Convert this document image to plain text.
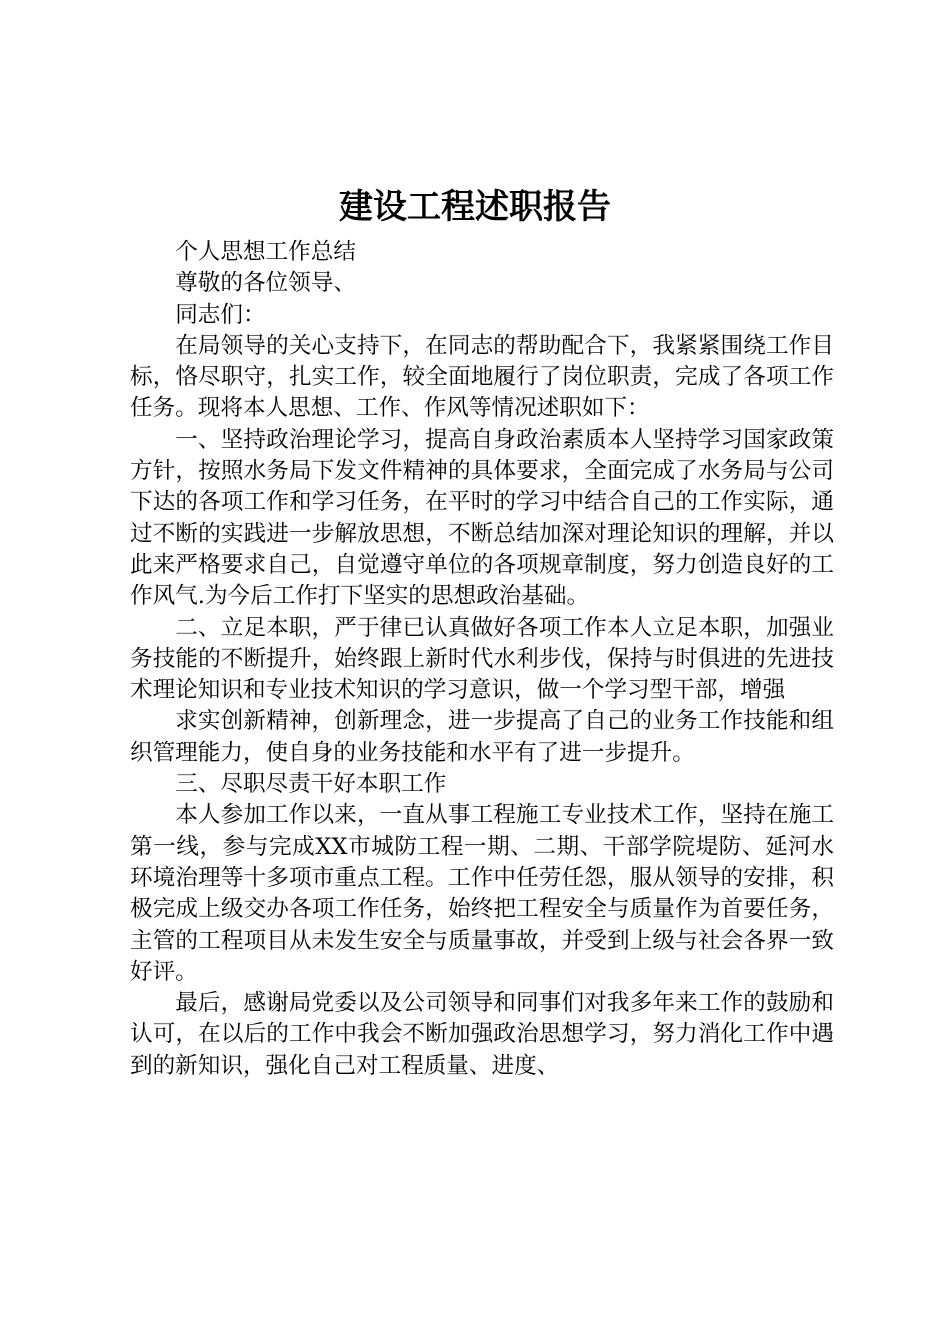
建设工程述职报告

个人思想工作总结

尊敬的各位领导、

同志们：

在局领导的关心支持下，在同志的帮助配合下，我紧紧围绕工作目标，恪尽职守，扎实工作，较全面地履行了岗位职责，完成了各项工作任务。现将本人思想、工作、作风等情况述职如下：

一、坚持政治理论学习，提高自身政治素质本人坚持学习国家政策方针，按照水务局下发文件精神的具体要求，全面完成了水务局与公司下达的各项工作和学习任务，在平时的学习中结合自己的工作实际，通过不断的实践进一步解放思想，不断总结加深对理论知识的理解，并以此来严格要求自己，自觉遵守单位的各项规章制度，努力创造良好的工作风气.为今后工作打下坚实的思想政治基础。

二、立足本职，严于律已认真做好各项工作本人立足本职，加强业务技能的不断提升，始终跟上新时代水利步伐，保持与时俱进的先进技术理论知识和专业技术知识的学习意识，做一个学习型干部，增强

求实创新精神，创新理念，进一步提高了自己的业务工作技能和组织管理能力，使自身的业务技能和水平有了进一步提升。

三、尽职尽责干好本职工作

本人参加工作以来，一直从事工程施工专业技术工作，坚持在施工第一线，参与完成XX市城防工程一期、二期、干部学院堤防、延河水环境治理等十多项市重点工程。工作中任劳任怨，服从领导的安排，积极完成上级交办各项工作任务，始终把工程安全与质量作为首要任务，主管的工程项目从未发生安全与质量事故，并受到上级与社会各界一致好评。

最后，感谢局党委以及公司领导和同事们对我多年来工作的鼓励和认可，在以后的工作中我会不断加强政治思想学习，努力消化工作中遇到的新知识，强化自己对工程质量、进度、
